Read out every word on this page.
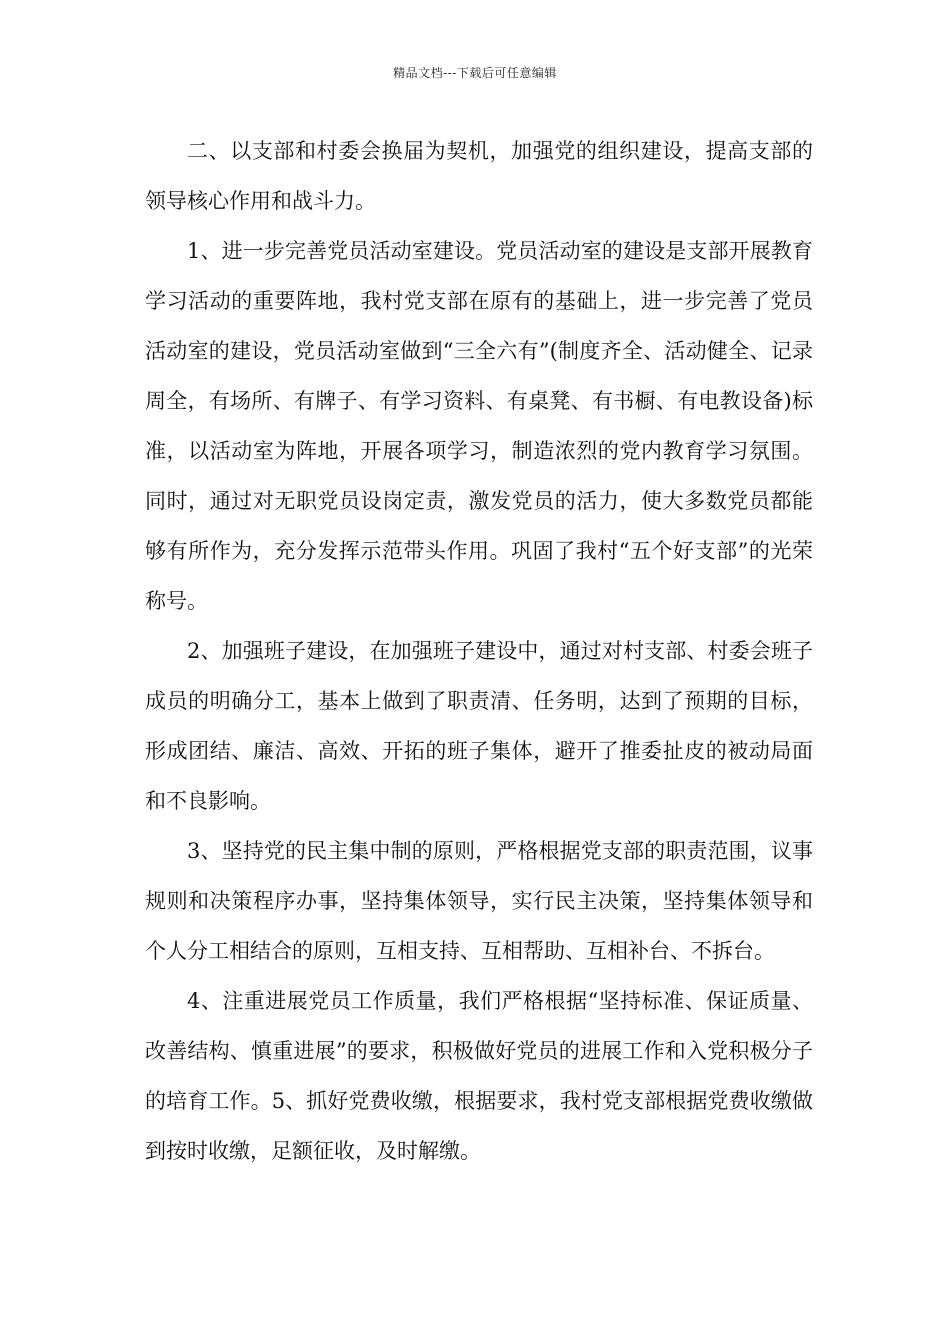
精品文档---下载后可任意编辑

二、以支部和村委会换届为契机，加强党的组织建设，提高支部的领导核心作用和战斗力。

1、进一步完善党员活动室建设。党员活动室的建设是支部开展教育学习活动的重要阵地，我村党支部在原有的基础上，进一步完善了党员活动室的建设，党员活动室做到“三全六有”(制度齐全、活动健全、记录周全，有场所、有牌子、有学习资料、有桌凳、有书橱、有电教设备)标准，以活动室为阵地，开展各项学习，制造浓烈的党内教育学习氛围。同时，通过对无职党员设岗定责，激发党员的活力，使大多数党员都能够有所作为，充分发挥示范带头作用。巩固了我村“五个好支部”的光荣称号。

2、加强班子建设，在加强班子建设中，通过对村支部、村委会班子成员的明确分工，基本上做到了职责清、任务明，达到了预期的目标，形成团结、廉洁、高效、开拓的班子集体，避开了推委扯皮的被动局面和不良影响。

3、坚持党的民主集中制的原则，严格根据党支部的职责范围，议事规则和决策程序办事，坚持集体领导，实行民主决策，坚持集体领导和个人分工相结合的原则，互相支持、互相帮助、互相补台、不拆台。

4、注重进展党员工作质量，我们严格根据“坚持标准、保证质量、改善结构、慎重进展”的要求，积极做好党员的进展工作和入党积极分子的培育工作。5、抓好党费收缴，根据要求，我村党支部根据党费收缴做到按时收缴，足额征收，及时解缴。
